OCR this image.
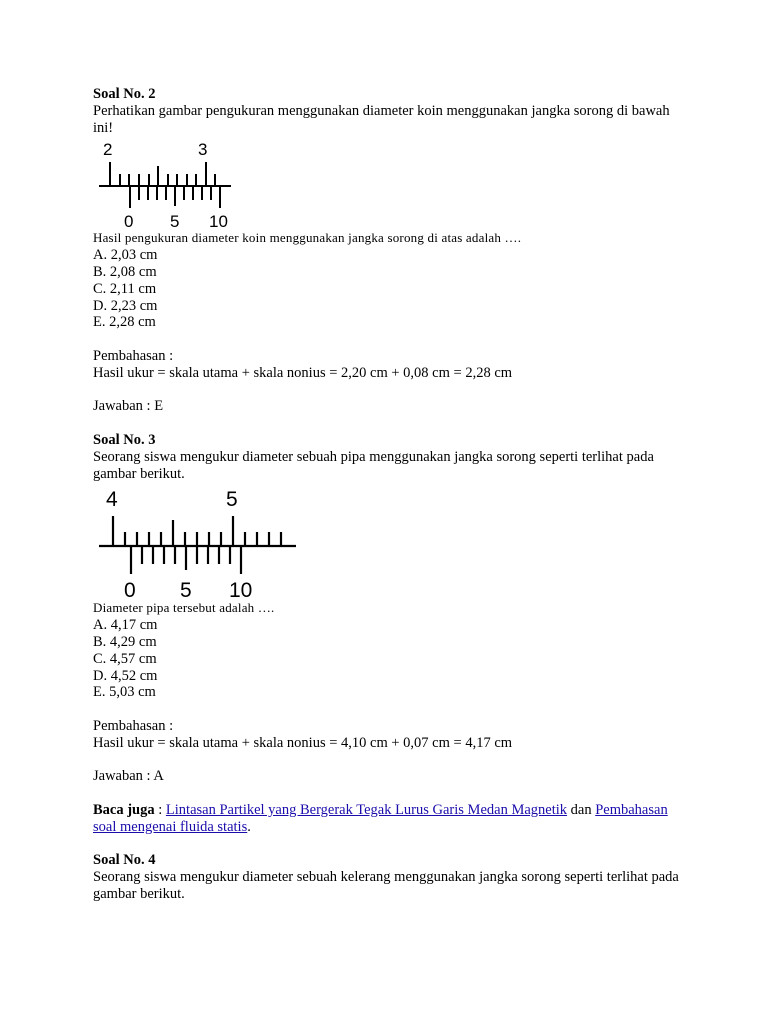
Soal No. 2
Perhatikan gambar pengukuran menggunakan diameter koin menggunakan jangka sorong di bawah ini!
2	3
0 5 10
Hasil pengukuran diameter koin menggunakan jangka sorong di atas adalah ….
A. 2,03 cm
B. 2,08 cm
C. 2,11 cm
D. 2,23 cm
E. 2,28 cm
Pembahasan :
Hasil ukur = skala utama + skala nonius = 2,20 cm + 0,08 cm = 2,28 cm
Jawaban : E
Soal No. 3
Seorang siswa mengukur diameter sebuah pipa menggunakan jangka sorong seperti terlihat pada gambar berikut.
4	5
0 5 10
Diameter pipa tersebut adalah ….
A. 4,17 cm
B. 4,29 cm
C. 4,57 cm
D. 4,52 cm
E. 5,03 cm
Pembahasan :
Hasil ukur = skala utama + skala nonius = 4,10 cm + 0,07 cm = 4,17 cm
Jawaban : A
Baca juga : Lintasan Partikel yang Bergerak Tegak Lurus Garis Medan Magnetik dan Pembahasan soal mengenai fluida statis.
Soal No. 4
Seorang siswa mengukur diameter sebuah kelerang menggunakan jangka sorong seperti terlihat pada gambar berikut.
